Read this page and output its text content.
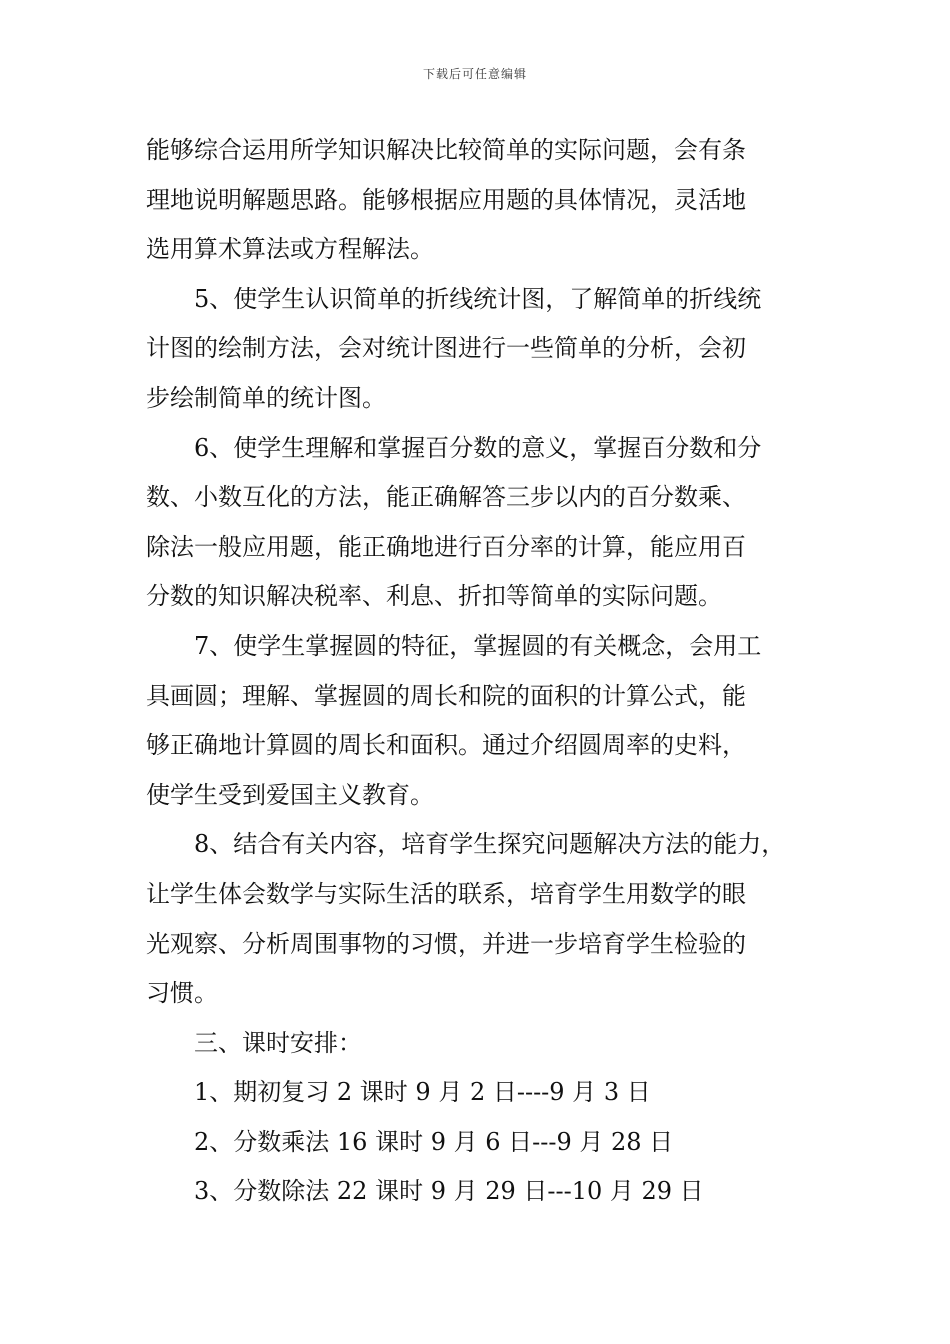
下载后可任意编辑
能够综合运用所学知识解决比较简单的实际问题，会有条
理地说明解题思路。能够根据应用题的具体情况，灵活地
选用算术算法或方程解法。
5、使学生认识简单的折线统计图，了解简单的折线统
计图的绘制方法，会对统计图进行一些简单的分析，会初
步绘制简单的统计图。
6、使学生理解和掌握百分数的意义，掌握百分数和分
数、小数互化的方法，能正确解答三步以内的百分数乘、
除法一般应用题，能正确地进行百分率的计算，能应用百
分数的知识解决税率、利息、折扣等简单的实际问题。
7、使学生掌握圆的特征，掌握圆的有关概念，会用工
具画圆；理解、掌握圆的周长和院的面积的计算公式，能
够正确地计算圆的周长和面积。通过介绍圆周率的史料，
使学生受到爱国主义教育。
8、结合有关内容，培育学生探究问题解决方法的能力，
让学生体会数学与实际生活的联系，培育学生用数学的眼
光观察、分析周围事物的习惯，并进一步培育学生检验的
习惯。
三、课时安排：
1、期初复习 2 课时 9 月 2 日----9 月 3 日
2、分数乘法 16 课时 9 月 6 日---9 月 28 日
3、分数除法 22 课时 9 月 29 日---10 月 29 日
